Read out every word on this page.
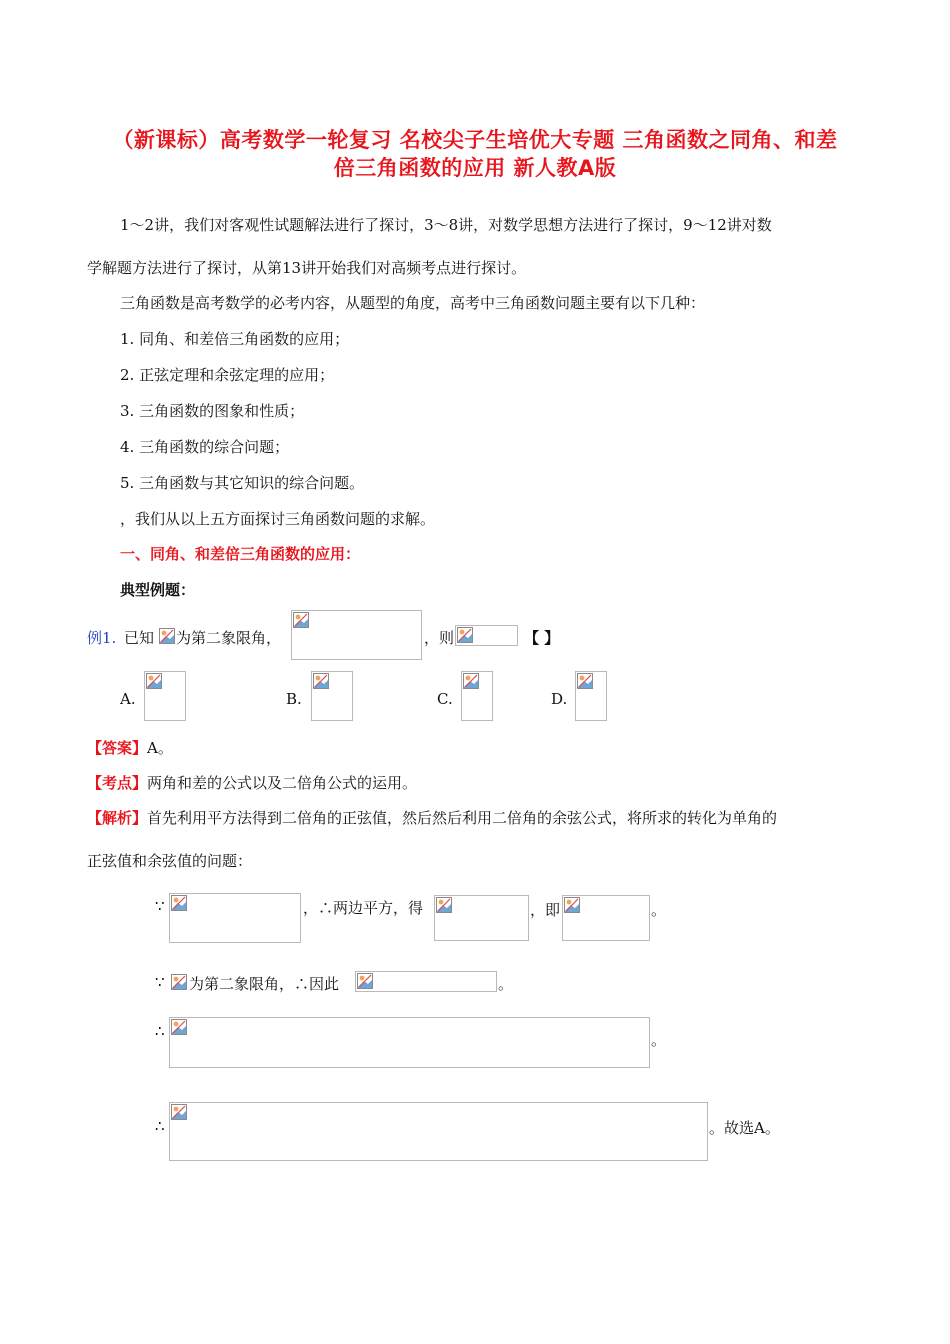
（新课标）高考数学一轮复习 名校尖子生培优大专题 三角函数之同角、和差
倍三角函数的应用 新人教A版
1～2讲，我们对客观性试题解法进行了探讨，3～8讲，对数学思想方法进行了探讨，9～12讲对数
学解题方法进行了探讨，从第13讲开始我们对高频考点进行探讨。
三角函数是高考数学的必考内容，从题型的角度，高考中三角函数问题主要有以下几种：
1. 同角、和差倍三角函数的应用；
2. 正弦定理和余弦定理的应用；
3. 三角函数的图象和性质；
4. 三角函数的综合问题；
5. 三角函数与其它知识的综合问题。
，我们从以上五方面探讨三角函数问题的求解。
一、同角、和差倍三角函数的应用：
典型例题：
例1. 已知 为第二象限角，	，则	【 】
A.	B.	C.	D.
【答案】A。
【考点】两角和差的公式以及二倍角公式的运用。
【解析】首先利用平方法得到二倍角的正弦值，然后然后利用二倍角的余弦公式，将所求的转化为单角的
正弦值和余弦值的问题：
∵	，∴两边平方，得	，即	。
∵ 为第二象限角，∴因此	。
∴	。
∴	。故选A。
